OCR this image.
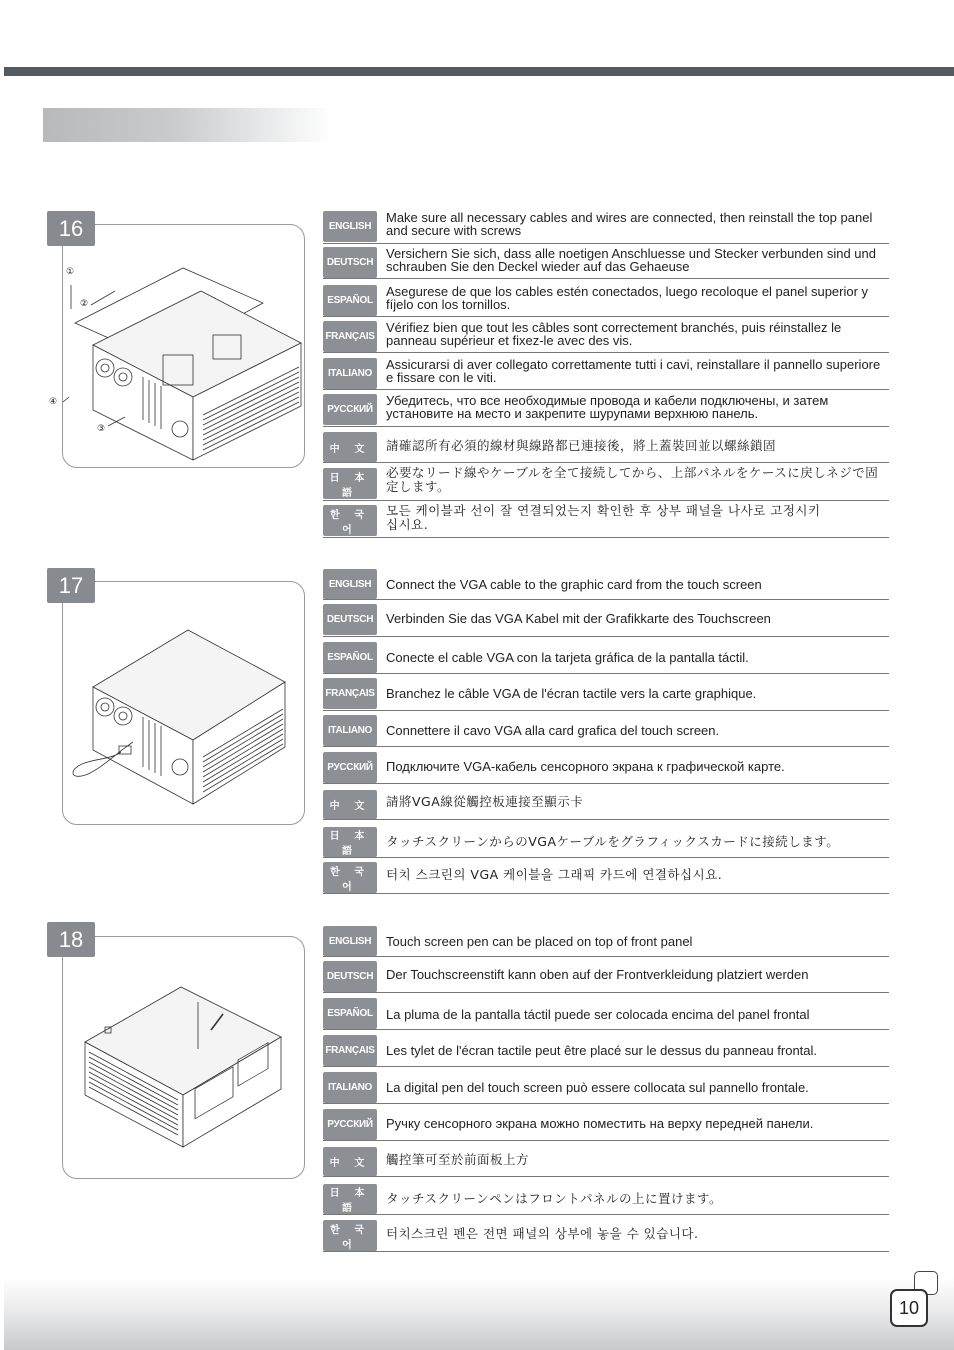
16
①
②
④
③
ENGLISH
Make sure all necessary cables and wires are connected, then reinstall the top panel and secure with screws
DEUTSCH
Versichern Sie sich, dass alle noetigen Anschluesse und Stecker verbunden sind und schrauben Sie den Deckel wieder auf das Gehaeuse
ESPAÑOL
Asegurese de que los cables estén conectados, luego recoloque el panel superior y fíjelo con los tornillos.
FRANÇAIS
Vérifiez bien que tout les câbles sont correctement branchés, puis réinstallez le panneau supérieur et fixez-le avec des vis.
ITALIANO
Assicurarsi di aver collegato correttamente tutti i cavi, reinstallare il pannello superiore e fissare con le viti.
РУССКИЙ
Убедитесь, что все необходимые провода и кабели подключены, и затем установите на место и закрепите шурупами верхнюю панель.
中 文	請確認所有必須的線材與線路都已連接後，將上蓋裝回並以螺絲鎖固
日 本 語
必要なリード線やケーブルを全て接続してから、上部パネルをケースに戻しネジで固定します。
한 국 어
모든 케이블과 선이 잘 연결되었는지 확인한 후 상부 패널을 나사로 고정시키십시요.
17	ENGLISH	Connect the VGA cable to the graphic card from the touch screen
DEUTSCH Verbinden Sie das VGA Kabel mit der Grafikkarte des Touchscreen
ESPAÑOL	Conecte el cable VGA con la tarjeta gráfica de la pantalla táctil.
FRANÇAIS Branchez le câble VGA de l'écran tactile vers la carte graphique.
ITALIANO	Connettere il cavo VGA alla card grafica del touch screen.
РУССКИЙ	Подключите VGA-кабель сенсорного экрана к графической карте.
中 文	請將VGA線從觸控板連接至顯示卡
日 本 語
タッチスクリーンからのVGAケーブルをグラフィックスカードに接続します。
한 국 어
터치 스크린의 VGA 케이블을 그래픽 카드에 연결하십시요.
18	ENGLISH	Touch screen pen can be placed on top of front panel
DEUTSCH Der Touchscreenstift kann oben auf der Frontverkleidung platziert werden
ESPAÑOL	La pluma de la pantalla táctil puede ser colocada encima del panel frontal
FRANÇAIS Les tylet de l'écran tactile peut être placé sur le dessus du panneau frontal.
ITALIANO	La digital pen del touch screen può essere collocata sul pannello frontale.
РУССКИЙ	Ручку сенсорного экрана можно поместить на верху передней панели.
中 文	觸控筆可至於前面板上方
日 本 語
タッチスクリーンペンはフロントパネルの上に置けます。
한 국 어
터치스크린 펜은 전면 패널의 상부에 놓을 수 있습니다.
10
